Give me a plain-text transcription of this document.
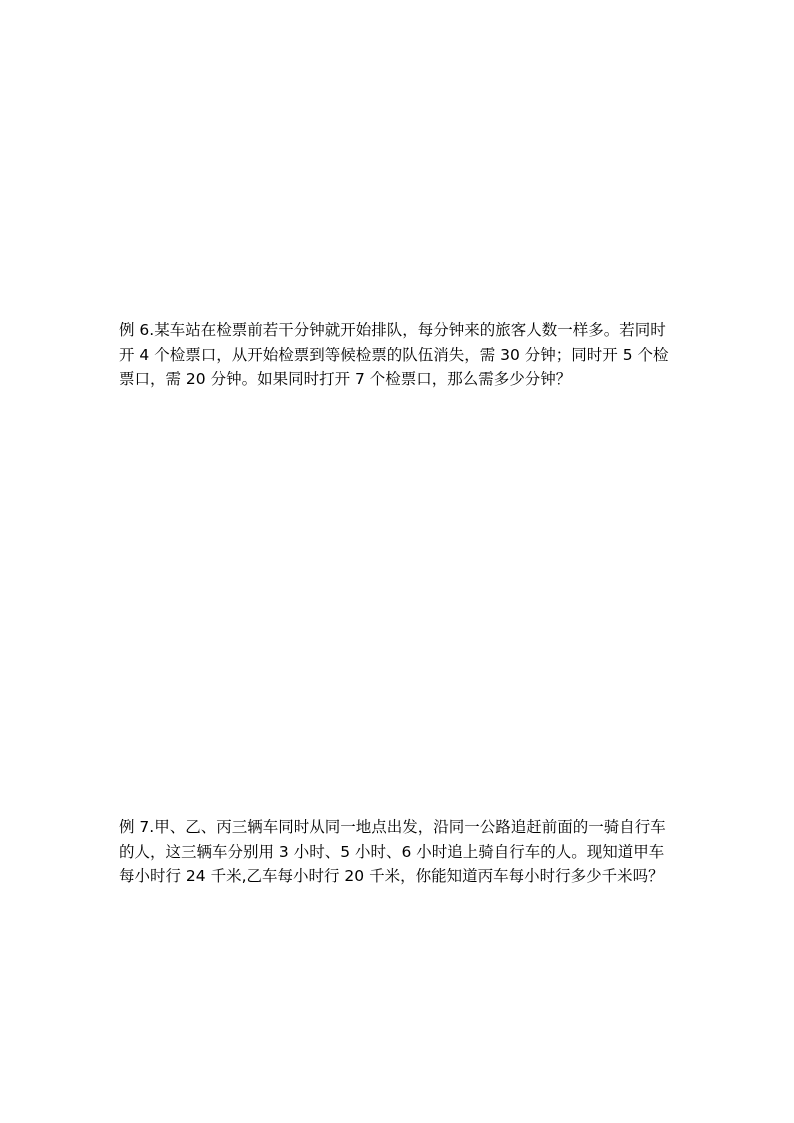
例 6.某车站在检票前若干分钟就开始排队，每分钟来的旅客人数一样多。若同时

开 4 个检票口，从开始检票到等候检票的队伍消失，需 30 分钟；同时开 5 个检

票口，需 20 分钟。如果同时打开 7 个检票口，那么需多少分钟？

例 7.甲、乙、丙三辆车同时从同一地点出发，沿同一公路追赶前面的一骑自行车

的人，这三辆车分别用 3 小时、5 小时、6 小时追上骑自行车的人。现知道甲车

每小时行 24 千米,乙车每小时行 20 千米，你能知道丙车每小时行多少千米吗？
